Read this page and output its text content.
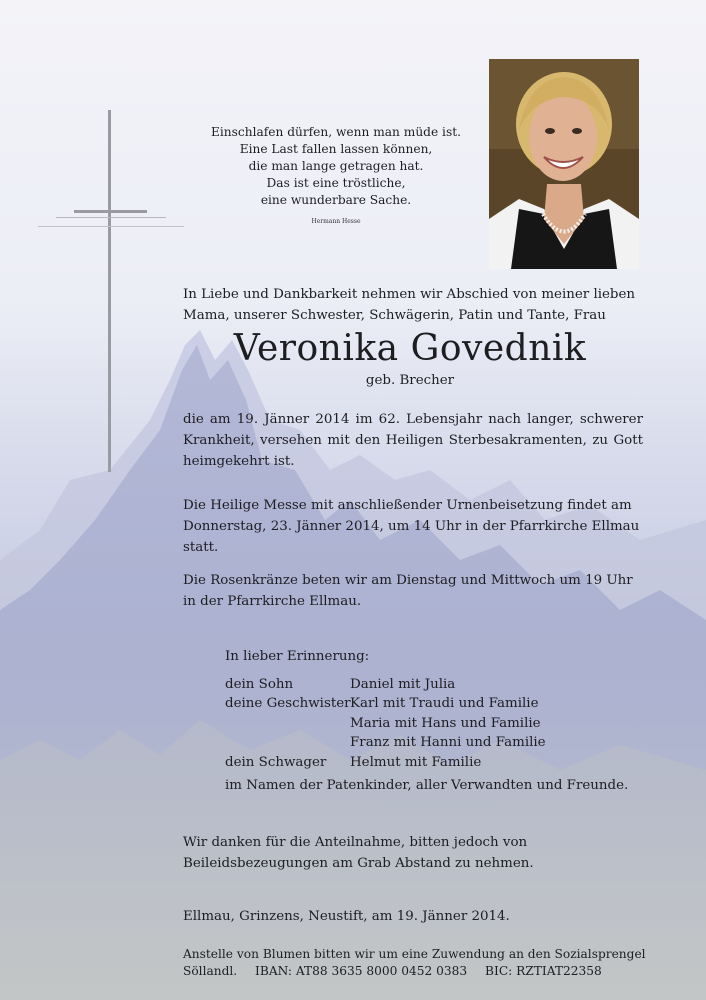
Einschlafen dürfen, wenn man müde ist.
Eine Last fallen lassen können,
die man lange getragen hat.
Das ist eine tröstliche,
eine wunderbare Sache.
Hermann Hesse
In Liebe und Dankbarkeit nehmen wir Abschied von meiner lieben Mama, unserer Schwester, Schwägerin, Patin und Tante, Frau
Veronika Govednik
geb. Brecher
die am 19. Jänner 2014 im 62. Lebensjahr nach langer, schwerer Krankheit, versehen mit den Heiligen Sterbesakramenten, zu Gott heimgekehrt ist.
Die Heilige Messe mit anschließender Urnenbeisetzung findet am Donnerstag, 23. Jänner 2014, um 14 Uhr in der Pfarrkirche Ellmau statt.
Die Rosenkränze beten wir am Dienstag und Mittwoch um 19 Uhr in der Pfarrkirche Ellmau.
In lieber Erinnerung:
dein Sohn	Daniel mit Julia
deine Geschwister Karl mit Traudi und Familie
Maria mit Hans und Familie
Franz mit Hanni und Familie
dein Schwager	Helmut mit Familie
im Namen der Patenkinder, aller Verwandten und Freunde.
Wir danken für die Anteilnahme, bitten jedoch von Beileidsbezeugungen am Grab Abstand zu nehmen.
Ellmau, Grinzens, Neustift, am 19. Jänner 2014.
Anstelle von Blumen bitten wir um eine Zuwendung an den Sozialsprengel
Söllandl. IBAN: AT88 3635 8000 0452 0383 BIC: RZTIAT22358
